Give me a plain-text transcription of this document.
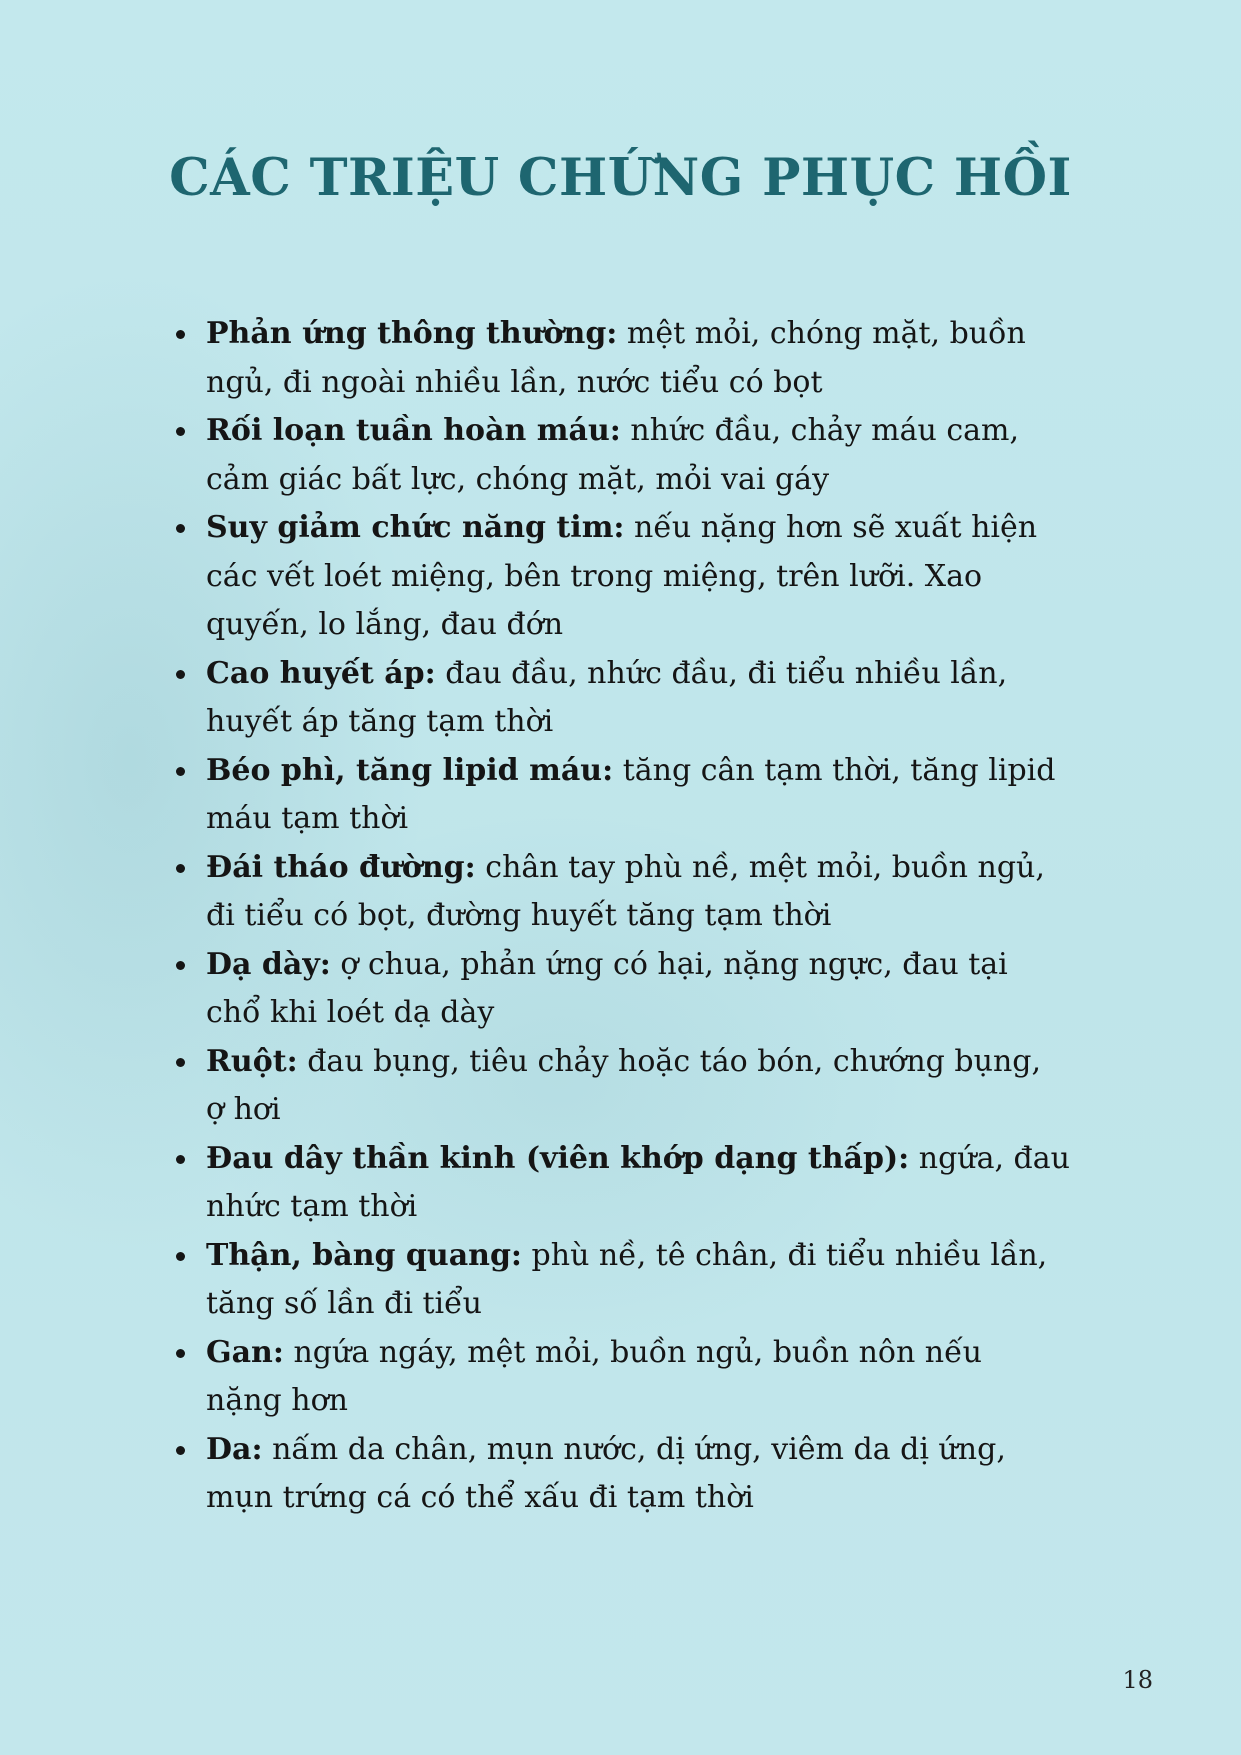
CÁC TRIỆU CHỨNG PHỤC HỒI
Phản ứng thông thường: mệt mỏi, chóng mặt, buồn
ngủ, đi ngoài nhiều lần, nước tiểu có bọt
Rối loạn tuần hoàn máu: nhức đầu, chảy máu cam,
cảm giác bất lực, chóng mặt, mỏi vai gáy
Suy giảm chức năng tim: nếu nặng hơn sẽ xuất hiện
các vết loét miệng, bên trong miệng, trên lưỡi. Xao
quyến, lo lắng, đau đớn
Cao huyết áp: đau đầu, nhức đầu, đi tiểu nhiều lần,
huyết áp tăng tạm thời
Béo phì, tăng lipid máu: tăng cân tạm thời, tăng lipid
máu tạm thời
Đái tháo đường: chân tay phù nề, mệt mỏi, buồn ngủ,
đi tiểu có bọt, đường huyết tăng tạm thời
Dạ dày: ợ chua, phản ứng có hại, nặng ngực, đau tại
chổ khi loét dạ dày
Ruột: đau bụng, tiêu chảy hoặc táo bón, chướng bụng,
ợ hơi
Đau dây thần kinh (viên khớp dạng thấp): ngứa, đau
nhức tạm thời
Thận, bàng quang: phù nề, tê chân, đi tiểu nhiều lần,
tăng số lần đi tiểu
Gan: ngứa ngáy, mệt mỏi, buồn ngủ, buồn nôn nếu
nặng hơn
Da: nấm da chân, mụn nước, dị ứng, viêm da dị ứng,
mụn trứng cá có thể xấu đi tạm thời
18
